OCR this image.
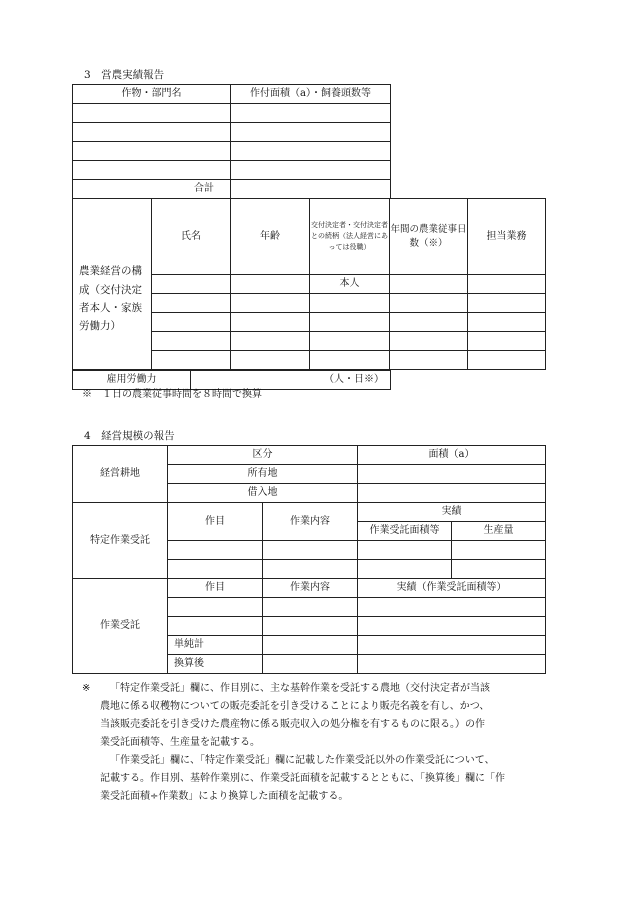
3　営農実績報告
作物・部門名	作付面積（a）・飼養頭数等

合計	
農業経営の構成（交付決定者本人・家族労働力）	氏名	年齢	交付決定者・交付決定者との続柄（法人経営にあっては役職）	年間の農業従事日数（※）	担当業務
			本人		

雇用労働力	（人・日※）
※　１日の農業従事時間を８時間で換算
4　経営規模の報告
経営耕地	区分		面積（a）	
	所有地			
	借入地			
特定作業受託	作目	作業内容	実績	
			作業受託面積等	生産量

作業受託	作目	作業内容	実績（作業受託面積等）	

	単純計			
	換算後			
※	「特定作業受託」欄に、作目別に、主な基幹作業を受託する農地（交付決定者が当該
農地に係る収穫物についての販売委託を引き受けることにより販売名義を有し、かつ、
当該販売委託を引き受けた農産物に係る販売収入の処分権を有するものに限る。）の作
業受託面積等、生産量を記載する。
「作業受託」欄に、「特定作業受託」欄に記載した作業受託以外の作業受託について、
記載する。作目別、基幹作業別に、作業受託面積を記載するとともに、「換算後」欄に「作
業受託面積÷作業数」により換算した面積を記載する。
